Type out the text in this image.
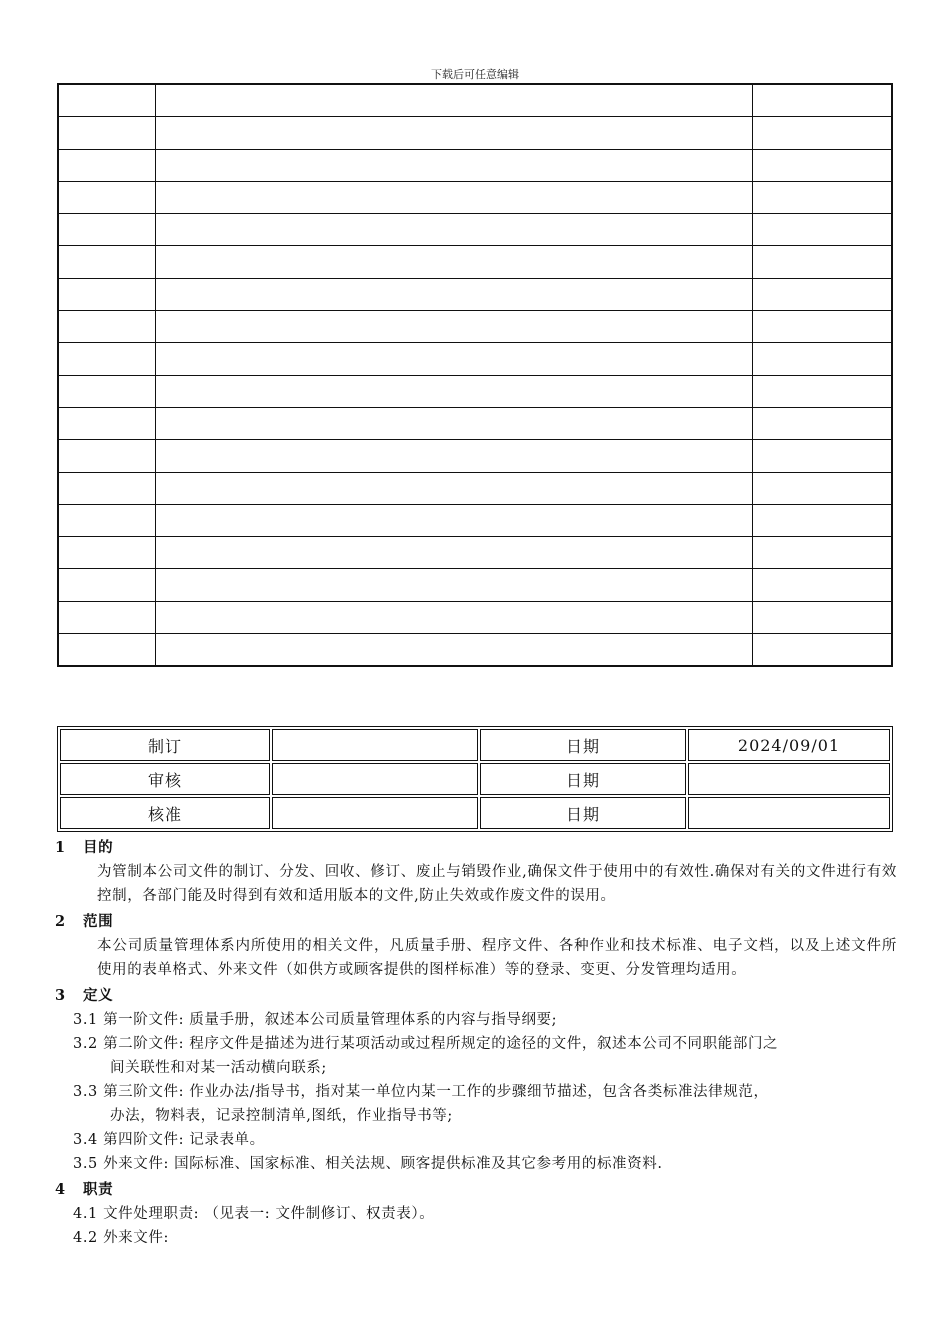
下载后可任意编辑

制订		日期	2024/09/01
审核		日期	
核准		日期	

1 目的

为管制本公司文件的制订、分发、回收、修订、废止与销毁作业,确保文件于使用中的有效性.确保对有关的文件进行有效控制，各部门能及时得到有效和适用版本的文件,防止失效或作废文件的误用。

2 范围

本公司质量管理体系内所使用的相关文件，凡质量手册、程序文件、各种作业和技术标准、电子文档，以及上述文件所使用的表单格式、外来文件（如供方或顾客提供的图样标准）等的登录、变更、分发管理均适用。

3 定义

3.1 第一阶文件: 质量手册，叙述本公司质量管理体系的内容与指导纲要;

3.2 第二阶文件: 程序文件是描述为进行某项活动或过程所规定的途径的文件，叙述本公司不同职能部门之

间关联性和对某一活动横向联系;

3.3 第三阶文件: 作业办法/指导书，指对某一单位内某一工作的步骤细节描述，包含各类标准法律规范，

办法，物料表，记录控制清单,图纸，作业指导书等;

3.4 第四阶文件: 记录表单。

3.5 外来文件: 国际标准、国家标准、相关法规、顾客提供标准及其它参考用的标准资料.

4 职责

4.1 文件处理职责: （见表一: 文件制修订、权责表）。

4.2 外来文件:
